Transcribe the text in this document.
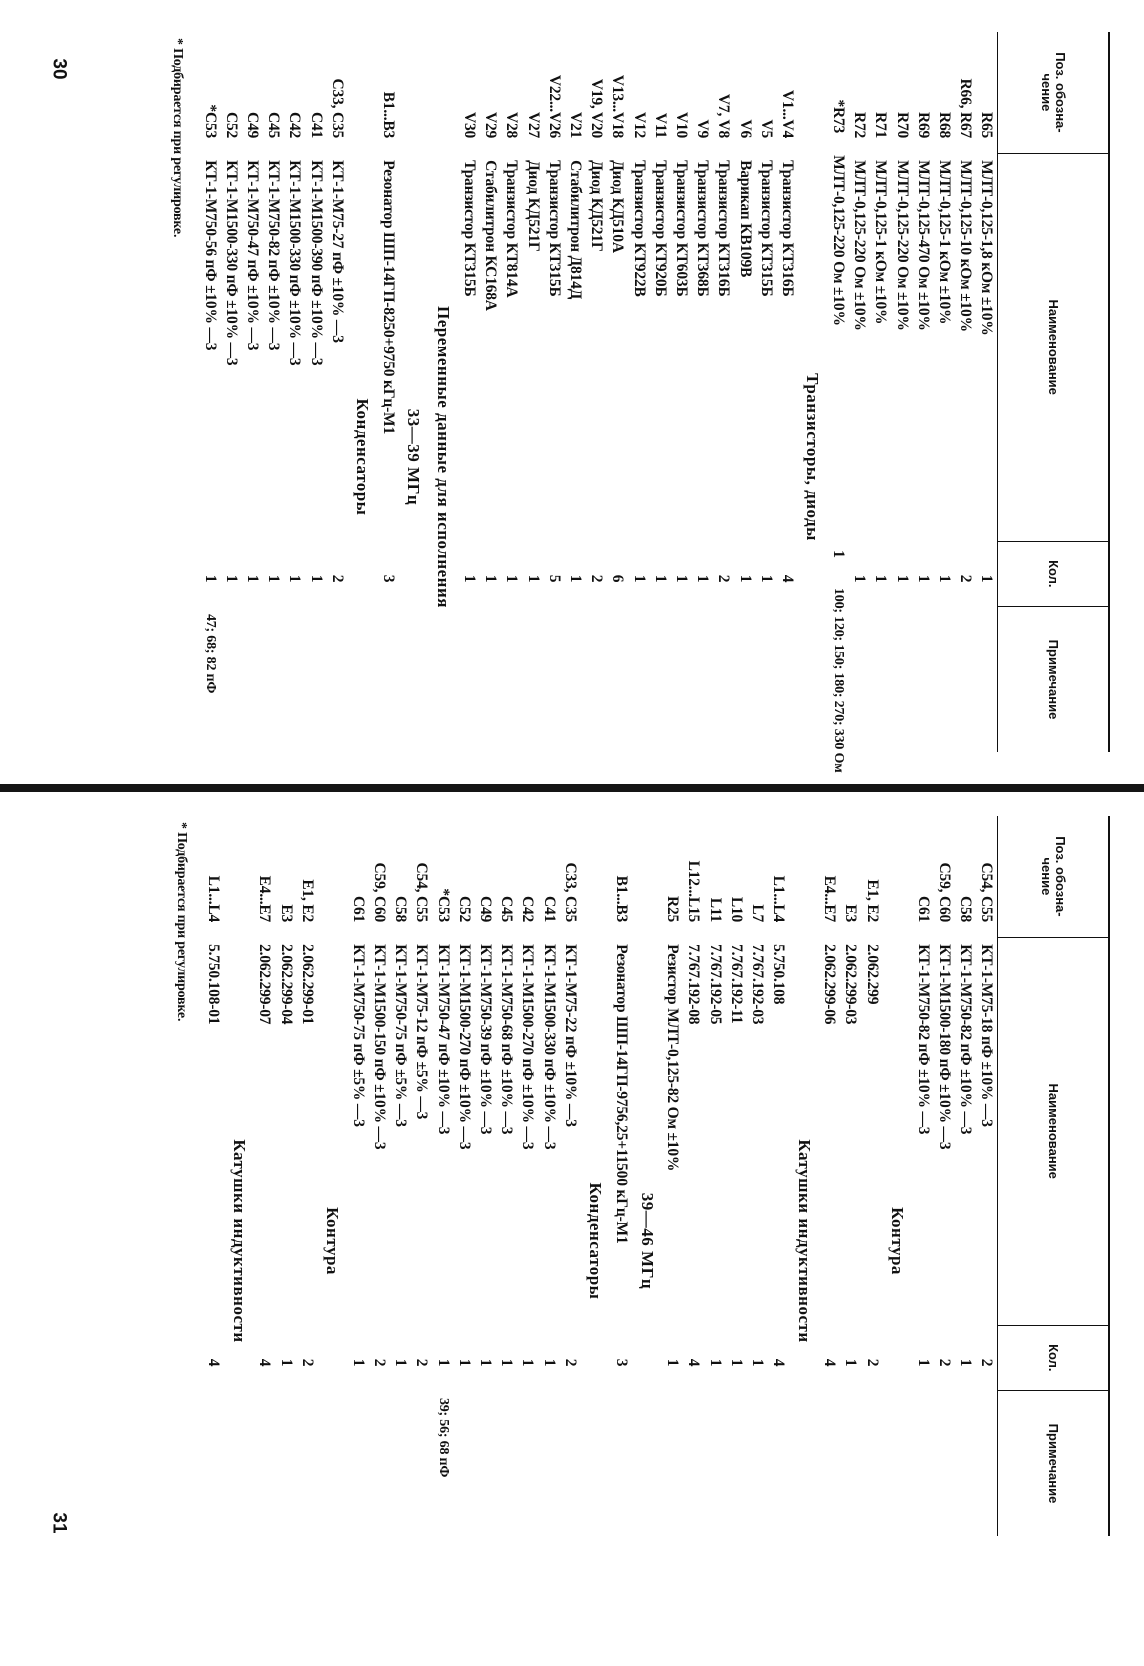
Поз. обозна- чение
Наименование
Кол.
Примечание
R65
МЛТ-0,125-1,8 кОм ±10%
1
R66, R67
МЛТ-0,125-10 кОм ±10%
2
R68
МЛТ-0,125-1 кОм ±10%
1
R69
МЛТ-0,125-470 Ом ±10%
1
R70
МЛТ-0,125-220 Ом ±10%
1
R71
МЛТ-0,125-1 кОм ±10%
1
R72
МЛТ-0,125-220 Ом ±10%
1
*R73
МЛТ-0,125-220 Ом ±10%
1
100; 120; 150; 180; 270; 330 Ом
Транзисторы, диоды
V1...V4
Транзистор КТ316Б
4
V5
Транзистор КТ315Б
1
V6
Варикап КВ109В
1
V7, V8
Транзистор КТ316Б
2
V9
Транзистор КТ368Б
1
V10
Транзистор КТ603Б
1
V11
Транзистор КТ920Б
1
V12
Транзистор КТ922В
1
V13...V18
Диод КД510А
6
V19, V20
Диод КД521Г
2
V21
Стабилитрон Д814Д
1
V22...V26
Транзистор КТ315Б
5
V27
Диод КД521Г
1
V28
Транзистор КТ814А
1
V29
Стабилитрон КС168А
1
V30
Транзистор КТ315Б
1
Переменные данные для исполнения
33—39 МГц
B1...B3
Резонатор ШП-14ГП-8250+9750 кГц-М1
3
Конденсаторы
C33, C35
КТ-1-М75-27 пФ ±10% —3
2
C41
КТ-1-М1500-390 пФ ±10% —3
1
C42
КТ-1-М1500-330 пФ ±10% —3
1
C45
КТ-1-М750-82 пФ ±10% —3
1
C49
КТ-1-М750-47 пФ ±10% —3
1
C52
КТ-1-М1500-330 пФ ±10% —3
1
*C53
КТ-1-М750-56 пФ ±10% —3
1
47; 68; 82 пФ
* Подбирается при регулировке.
30
Поз. обозна- чение
Наименование
Кол.
Примечание
C54, C55
КТ-1-М75-18 пФ ±10% —3
2
C58
КТ-1-М750-82 пФ ±10% —3
1
C59, C60
КТ-1-М1500-180 пФ ±10% —3
2
C61
КТ-1-М750-82 пФ ±10% —3
1
Контура
E1, E2
2.062.299
2
E3
2.062.299-03
1
E4...E7
2.062.299-06
4
Катушки индуктивности
L1...L4
5.750.108
4
L7
7.767.192-03
1
L10
7.767.192-11
1
L11
7.767.192-05
1
L12...L15
7.767.192-08
4
R25
Резистор МЛТ-0,125-82 Ом ±10%
1
39—46 МГц
B1...B3
Резонатор ШП-14ГП-9756,25+11500 кГц-М1
3
Конденсаторы
C33, C35
КТ-1-М75-22 пФ ±10% —3
2
C41
КТ-1-М1500-330 пФ ±10% —3
1
C42
КТ-1-М1500-270 пФ ±10% —3
1
C45
КТ-1-М750-68 пФ ±10% —3
1
C49
КТ-1-М750-39 пФ ±10% —3
1
C52
КТ-1-М1500-270 пФ ±10% —3
1
*C53
КТ-1-М750-47 пФ ±10% —3
1
39; 56; 68 пФ
C54, C55
КТ-1-М75-12 пФ ±5% —3
2
C58
КТ-1-М750-75 пФ ±5% —3
1
C59, C60
КТ-1-М1500-150 пФ ±10% —3
2
C61
КТ-1-М750-75 пФ ±5% —3
1
Контура
E1, E2
2.062.299-01
2
E3
2.062.299-04
1
E4...E7
2.062.299-07
4
Катушки индуктивности
L1...L4
5.750.108-01
4
* Подбирается при регулировке.
31
